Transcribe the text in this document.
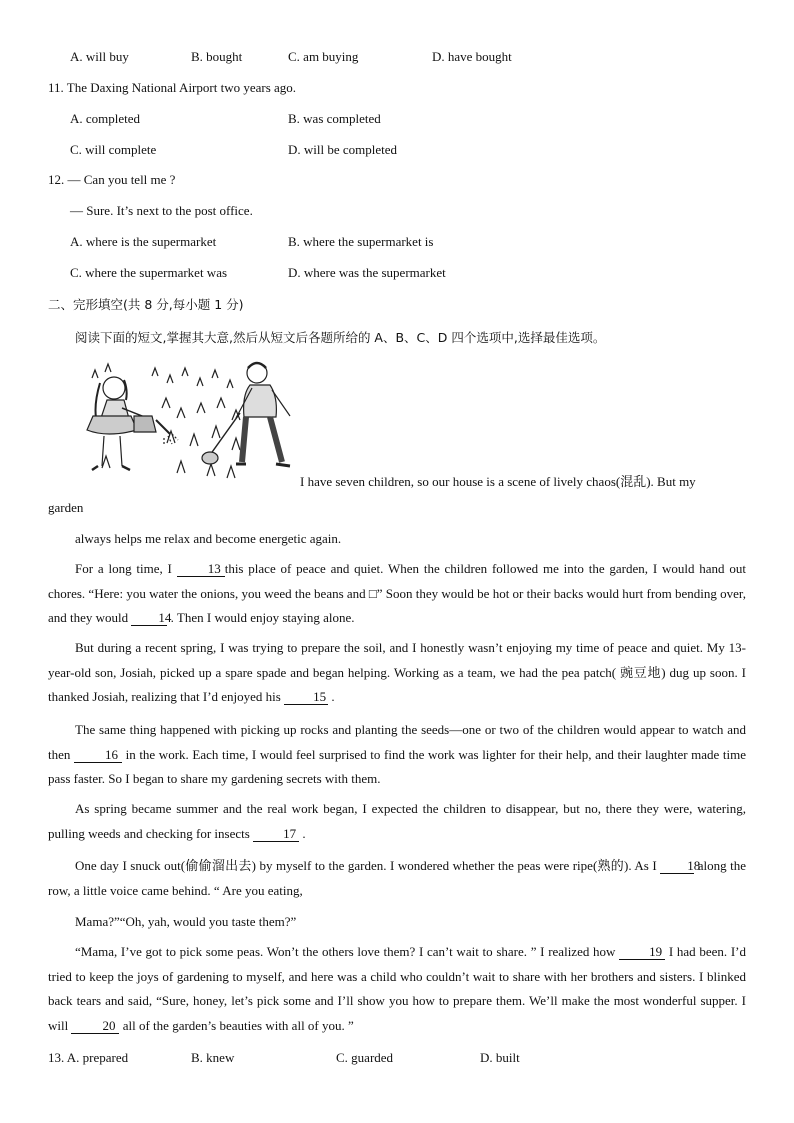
A. will buy	B. bought	C. am buying	D. have bought
11. The Daxing National Airport two years ago.
A. completed	B. was completed
C. will complete	D. will be completed
12. — Can you tell me ?
— Sure. It’s next to the post office.
A. where is the supermarket	B. where the supermarket is
C. where the supermarket was	D. where was the supermarket
二、完形填空(共 8 分,每小题 1 分)
阅读下面的短文,掌握其大意,然后从短文后各题所给的 A、B、C、D 四个选项中,选择最佳选项。
I have seven children, so our house is a scene of lively chaos(混乱). But my
garden
always helps me relax and become energetic again.
For a long time, I 13 this place of peace and quiet. When the children followed me into the garden, I would hand out chores. “Here: you water the onions, you weed the beans and □” Soon they would be hot or their backs would hurt from bending over, and they would 14 . Then I would enjoy staying alone.
But during a recent spring, I was trying to prepare the soil, and I honestly wasn’t enjoying my time of peace and quiet. My 13-year-old son, Josiah, picked up a spare spade and began helping. Working as a team, we had the pea patch( 豌豆地) dug up soon. I thanked Josiah, realizing that I’d enjoyed his 15 .
The same thing happened with picking up rocks and planting the seeds—one or two of the children would appear to watch and then 16 in the work. Each time, I would feel surprised to find the work was lighter for their help, and their laughter made time pass faster. So I began to share my gardening secrets with them.
As spring became summer and the real work began, I expected the children to disappear, but no, there they were, watering, pulling weeds and checking for insects 17 .
One day I snuck out(偷偷溜出去) by myself to the garden. I wondered whether the peas were ripe(熟的). As I 18 along the row, a little voice came behind. “ Are you eating,
Mama?”“Oh, yah, would you taste them?”
“Mama, I’ve got to pick some peas. Won’t the others love them? I can’t wait to share. ” I realized how 19 I had been. I’d tried to keep the joys of gardening to myself, and here was a child who couldn’t wait to share with her brothers and sisters. I blinked back tears and said, “Sure, honey, let’s pick some and I’ll show you how to prepare them. We’ll make the most wonderful supper. I will 20 all of the garden’s beauties with all of you. ”
13. A. prepared	B. knew	C. guarded	D. built
